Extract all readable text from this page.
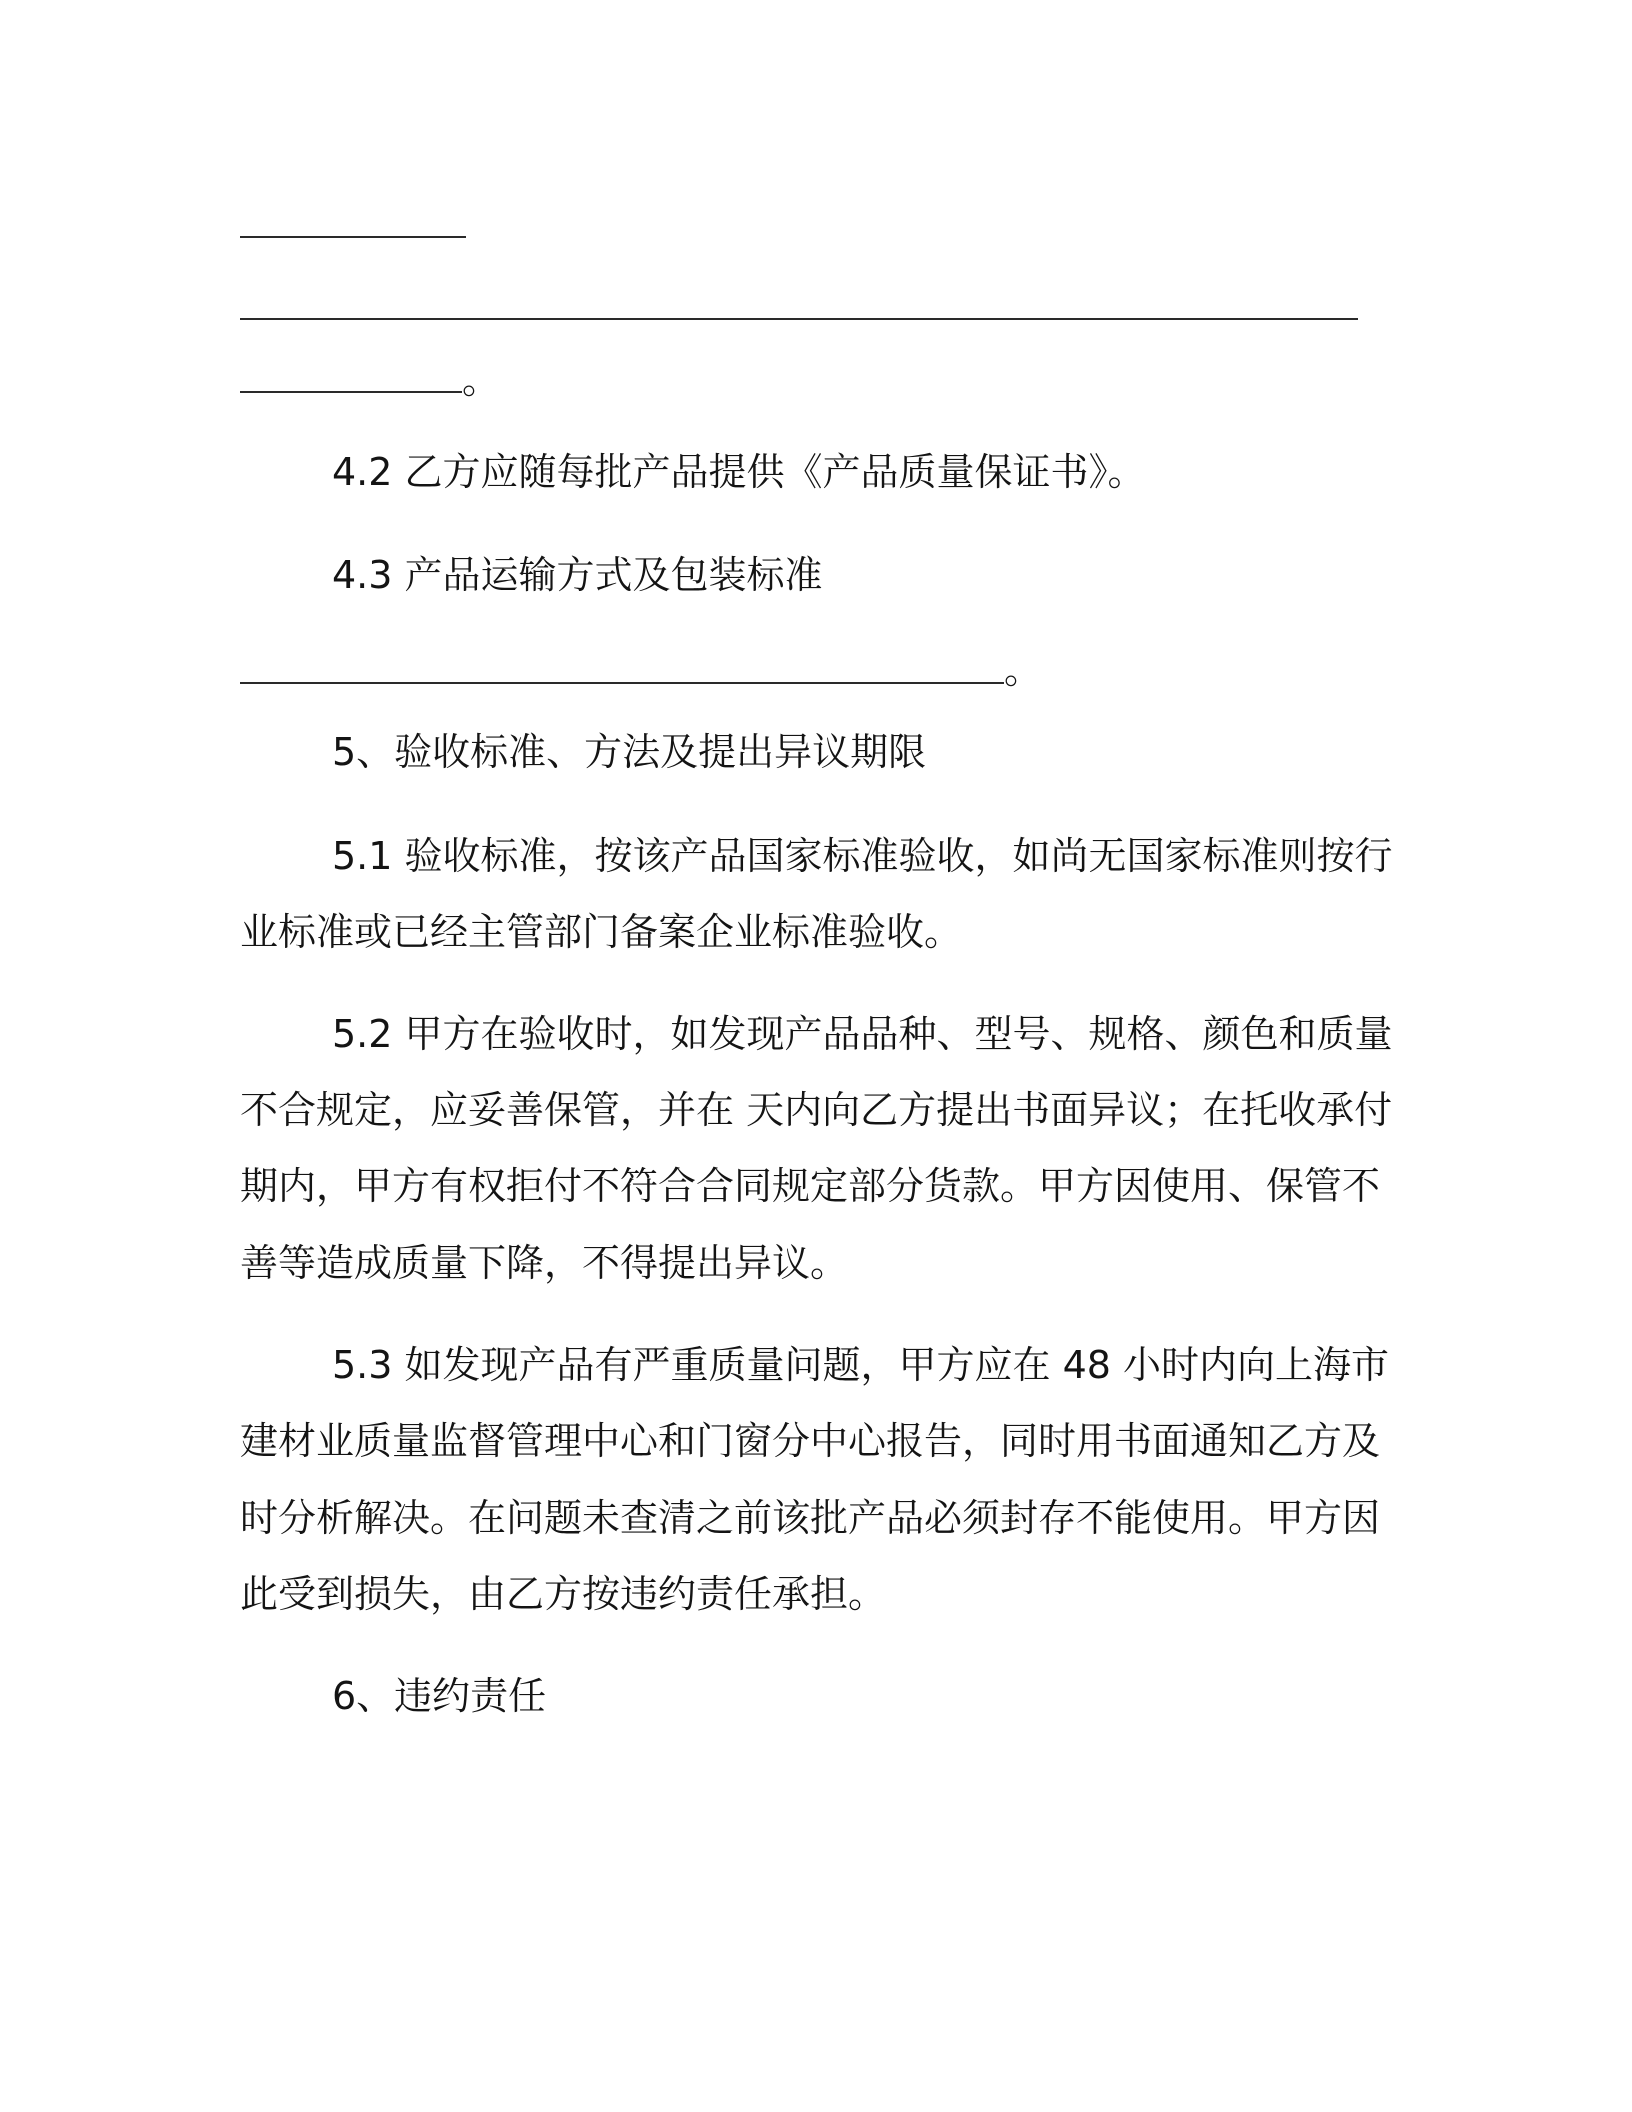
。
4.2 乙方应随每批产品提供《产品质量保证书》。
4.3 产品运输方式及包装标准
。
5、验收标准、方法及提出异议期限
5.1 验收标准，按该产品国家标准验收，如尚无国家标准则按行
业标准或已经主管部门备案企业标准验收。
5.2 甲方在验收时，如发现产品品种、型号、规格、颜色和质量
不合规定，应妥善保管，并在 天内向乙方提出书面异议；在托收承付
期内，甲方有权拒付不符合合同规定部分货款。甲方因使用、保管不
善等造成质量下降，不得提出异议。
5.3 如发现产品有严重质量问题，甲方应在 48 小时内向上海市
建材业质量监督管理中心和门窗分中心报告，同时用书面通知乙方及
时分析解决。在问题未查清之前该批产品必须封存不能使用。甲方因
此受到损失，由乙方按违约责任承担。
6、违约责任
